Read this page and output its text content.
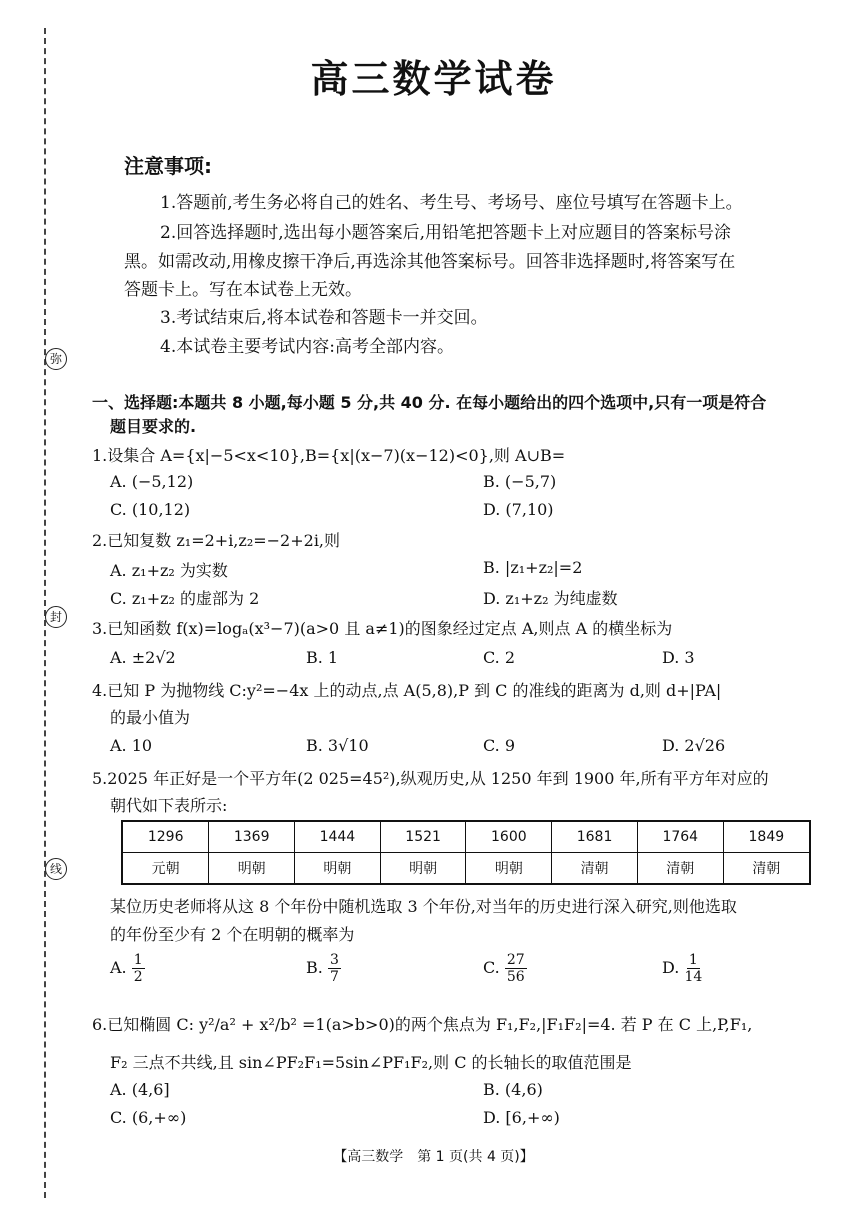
弥
封
线
高三数学试卷
注意事项:
1.答题前,考生务必将自己的姓名、考生号、考场号、座位号填写在答题卡上。
2.回答选择题时,选出每小题答案后,用铅笔把答题卡上对应题目的答案标号涂
黑。如需改动,用橡皮擦干净后,再选涂其他答案标号。回答非选择题时,将答案写在
答题卡上。写在本试卷上无效。
3.考试结束后,将本试卷和答题卡一并交回。
4.本试卷主要考试内容:高考全部内容。
一、选择题:本题共 8 小题,每小题 5 分,共 40 分. 在每小题给出的四个选项中,只有一项是符合
题目要求的.
1.设集合 A={x|−5<x<10},B={x|(x−7)(x−12)<0},则 A∪B=
A. (−5,12)	B. (−5,7)
C. (10,12)	D. (7,10)
2.已知复数 z₁=2+i,z₂=−2+2i,则
A. z₁+z₂ 为实数	B. |z₁+z₂|=2
C. z₁+z₂ 的虚部为 2	D. z₁+z₂ 为纯虚数
3.已知函数 f(x)=logₐ(x³−7)(a>0 且 a≠1)的图象经过定点 A,则点 A 的横坐标为
A. ±2√2	B. 1	C. 2	D. 3
4.已知 P 为抛物线 C:y²=−4x 上的动点,点 A(5,8),P 到 C 的准线的距离为 d,则 d+|PA|
的最小值为
A. 10	B. 3√10	C. 9	D. 2√26
5.2025 年正好是一个平方年(2 025=45²),纵观历史,从 1250 年到 1900 年,所有平方年对应的
朝代如下表所示:
1296	1369	1444	1521	1600	1681	1764	1849
元朝	明朝	明朝	明朝	明朝	清朝	清朝	清朝
某位历史老师将从这 8 个年份中随机选取 3 个年份,对当年的历史进行深入研究,则他选取
的年份至少有 2 个在明朝的概率为
A. $\frac{1}{2}$	B. $\frac{3}{7}$	C. $\frac{27}{56}$	D. $\frac{1}{14}$
6.已知椭圆 C: y²/a² + x²/b² =1(a>b>0)的两个焦点为 F₁,F₂,|F₁F₂|=4. 若 P 在 C 上,P,F₁,
F₂ 三点不共线,且 sin∠PF₂F₁=5sin∠PF₁F₂,则 C 的长轴长的取值范围是
A. (4,6]	B. (4,6)
C. (6,+∞)	D. [6,+∞)
【高三数学　第 1 页(共 4 页)】
